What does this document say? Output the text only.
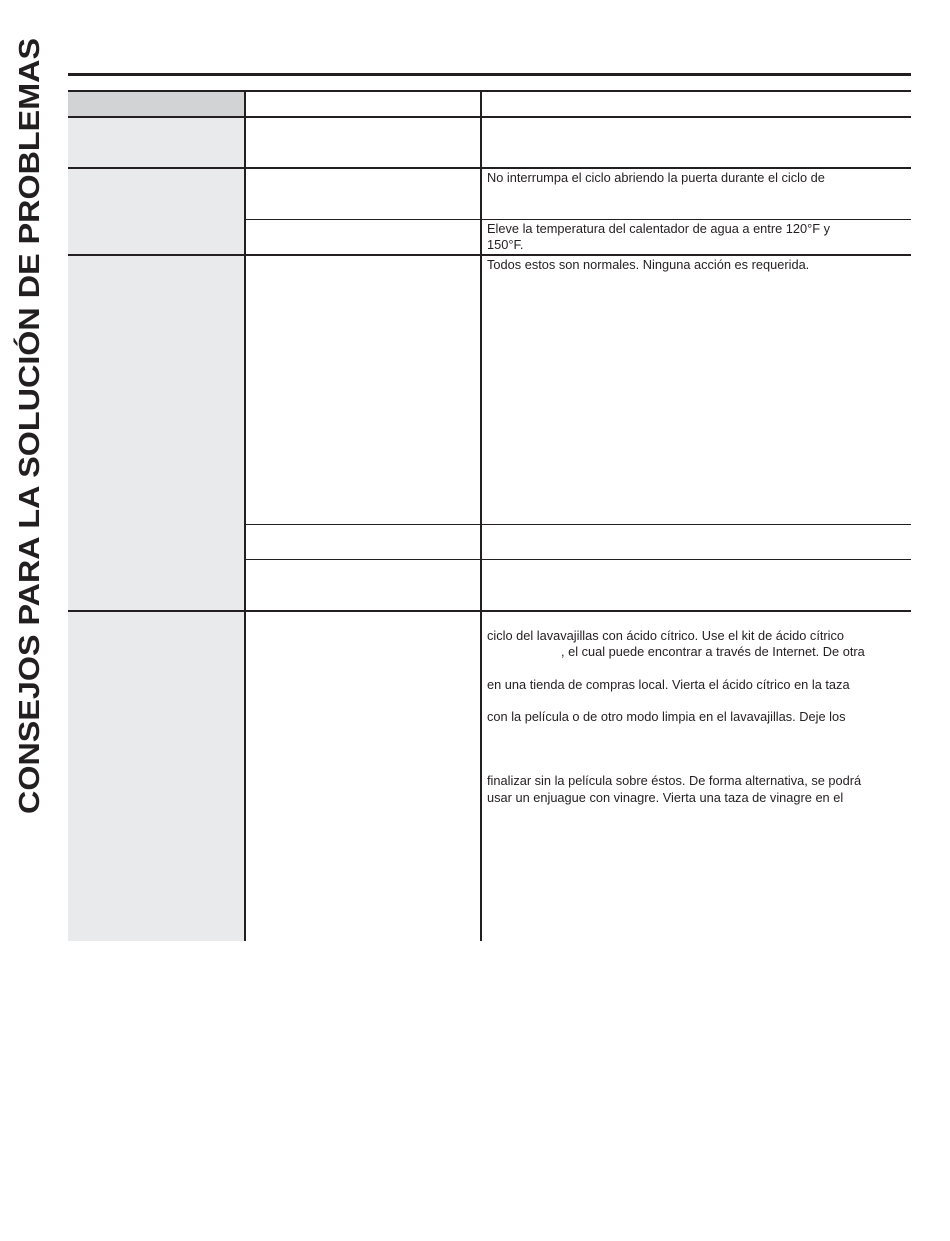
CONSEJOS PARA LA SOLUCIÓN DE PROBLEMAS	No interrumpa el ciclo abriendo la puerta durante el ciclo de

Eleve la temperatura del calentador de agua a entre 120°F y

150°F.

Todos estos son normales. Ninguna acción es requerida.

ciclo del lavavajillas con ácido cítrico. Use el kit de ácido cítrico

, el cual puede encontrar a través de Internet. De otra

en una tienda de compras local. Vierta el ácido cítrico en la taza

con la película o de otro modo limpia en el lavavajillas. Deje los

finalizar sin la película sobre éstos. De forma alternativa, se podrá

usar un enjuague con vinagre. Vierta una taza de vinagre en el
